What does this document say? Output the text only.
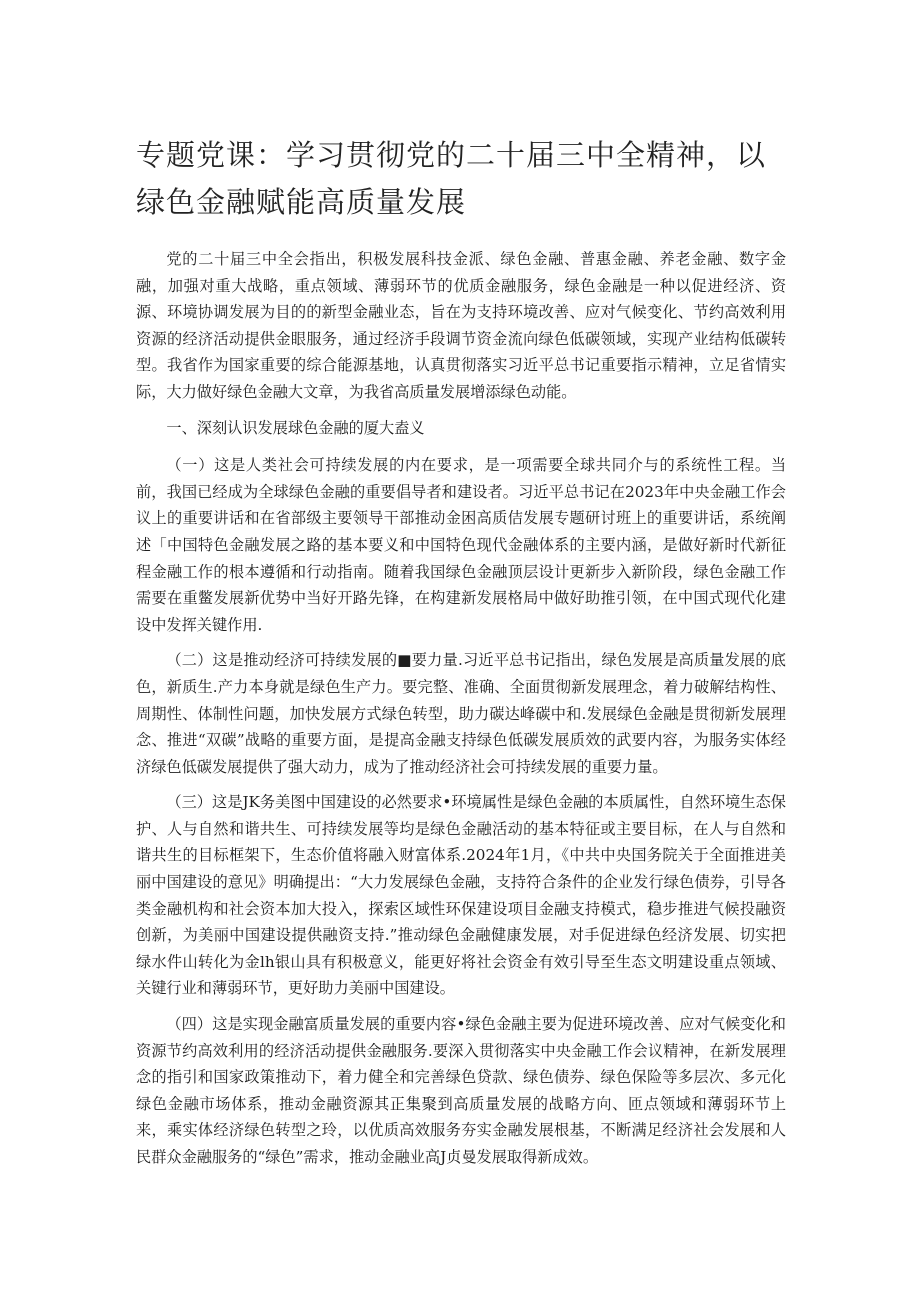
专题党课：学习贯彻党的二十届三中全精神，以绿色金融赋能高质量发展

党的二十届三中全会指出，积极发展科技金派、绿色金融、普惠金融、养老金融、数字金融，加强对重大战略，重点领域、薄弱环节的优质金融服务，绿色金融是一种以促进经济、资源、环境协调发展为目的的新型金融业态，旨在为支持环境改善、应对气候变化、节约高效利用资源的经济活动提供金眼服务，通过经济手段调节资金流向绿色低碳领域，实现产业结构低碳转型。我省作为国家重要的综合能源基地，认真贯彻落实习近平总书记重要指示精神，立足省情实际，大力做好绿色金融大文章，为我省高质量发展增添绿色动能。

一、深刻认识发展球色金融的厦大盍义

（一）这是人类社会可持续发展的内在要求，是一项需要全球共同介与的系统性工程。当前，我国已经成为全球绿色金融的重要倡导者和建设者。习近平总书记在2023年中央金融工作会议上的重要讲话和在省部级主要领导干部推动金困高质佶发展专题研讨班上的重要讲话，系统阐述「中国特色金融发展之路的基本要义和中国特色现代金融体系的主要内涵，是做好新时代新征程金融工作的根本遵循和行动指南。随着我国绿色金融顶层设计更新步入新阶段，绿色金融工作需要在重鳖发展新优势中当好开路先锋，在构建新发展格局中做好助推引领，在中国式现代化建设中发挥关键作用.

（二）这是推动经济可持续发展的■要力量.习近平总书记指出，绿色发展是高质量发展的底色，新质生.产力本身就是绿色生产力。要完整、准确、全面贯彻新发展理念，着力破解结构性、周期性、体制性问题，加快发展方式绿色转型，助力碳达峰碳中和.发展绿色金融是贯彻新发展理念、推进“双碳”战略的重要方面，是提高金融支持绿色低碳发展质效的武要内容，为服务实体经济绿色低碳发展提供了强大动力，成为了推动经济社会可持续发展的重要力量。

（三）这是JK务美图中国建设的必然要求•环境属性是绿色金融的本质属性，自然环境生态保护、人与自然和谐共生、可持续发展等均是绿色金融活动的基本特征或主要目标，在人与自然和谐共生的目标框架下，生态价值将融入财富体系.2024年1月，《中共中央国务院关于全面推进美丽中国建设的意见》明确提出：“大力发展绿色金融，支持符合条件的企业发行绿色债券，引导各类金融机构和社会资本加大投入，探索区域性环保建设项目金融支持模式，稳步推进气候投融资创新，为美丽中国建设提供融资支持.”推动绿色金融健康发展，对手促进绿色经济发展、切实把绿水件山转化为金lh银山具有积极意义，能更好将社会资金有效引导至生态文明建设重点领域、关键行业和薄弱环节，更好助力美丽中国建设。

（四）这是实现金融富质量发展的重要内容•绿色金融主要为促进环境改善、应对气候变化和资源节约高效利用的经济活动提供金融服务.要深入贯彻落实中央金融工作会议精神，在新发展理念的指引和国家政策推动下，着力健全和完善绿色贷款、绿色债券、绿色保险等多层次、多元化绿色金融市场体系，推动金融资源其正集聚到高质量发展的战略方向、匝点领域和薄弱环节上来，乘实体经济绿色转型之玲，以优质高效服务夯实金融发展根基，不断满足经济社会发展和人民群众金融服务的“绿色”需求，推动金融业高J贞曼发展取得新成效。
